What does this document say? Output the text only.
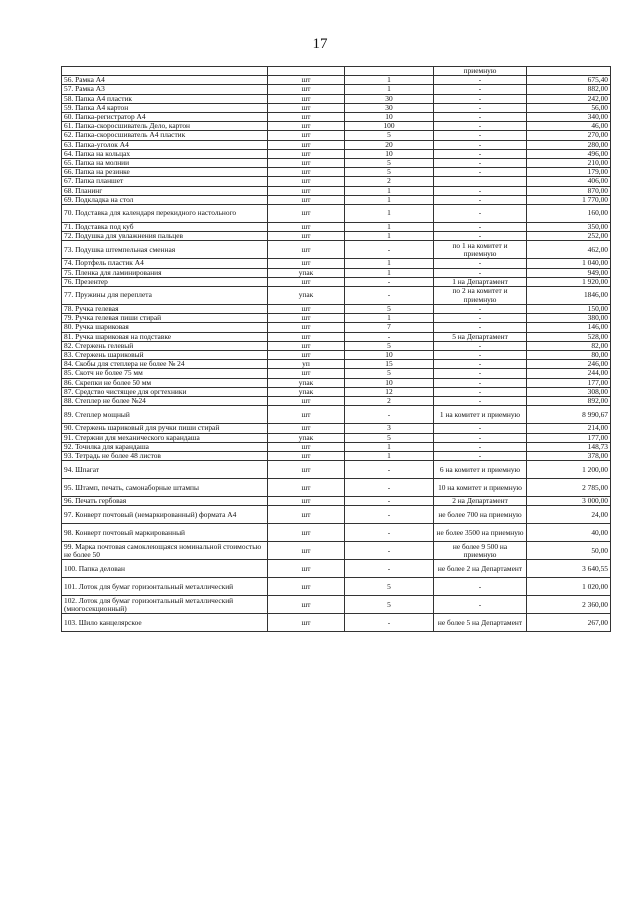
17
			приемную	
56. Рамка А4	шт	1	-	675,40
57. Рамка А3	шт	1	-	882,00
58. Папка А4 пластик	шт	30	-	242,00
59. Папка А4 картон	шт	30	-	56,00
60. Папка-регистратор А4	шт	10	-	340,00
61. Папка-скоросшиватель Дело, картон	шт	100	-	46,00
62. Папка-скоросшиватель А4 пластик	шт	5	-	270,00
63. Папка-уголок А4	шт	20	-	280,00
64. Папка на кольцах	шт	10	-	496,00
65. Папка на молнии	шт	5	-	210,00
66. Папка на резинке	шт	5	-	179,00
67. Папка планшет	шт	2		406,00
68. Планинг	шт	1	-	870,00
69. Подкладка на стол	шт	1	-	1 770,00
70. Подставка для календаря перекидного настольного	шт	1	-	160,00
71. Подставка под куб	шт	1	-	350,00
72. Подушка для увлажнения пальцев	шт	1	-	252,00
73. Подушка штемпельная сменная	шт	-	по 1 на комитет и приемную	462,00
74. Портфель пластик А4	шт	1	-	1 040,00
75. Пленка для ламинирования	упак	1	-	949,00
76. Презентер	шт	-	1 на Департамент	1 920,00
77. Пружины для переплета	упак	-	по 2 на комитет и приемную	1846,00
78. Ручка гелевая	шт	5	-	150,00
79. Ручка гелевая пиши стирай	шт	1	-	380,00
80. Ручка шариковая	шт	7	-	146,00
81. Ручка шариковая на подставке	шт	-	5 на Департамент	528,00
82. Стержень гелевый	шт	5	-	82,00
83. Стержень шариковый	шт	10	-	80,00
84. Скобы для степлера не более № 24	уп	15	-	246,00
85. Скотч не более 75 мм	шт	5	-	244,00
86. Скрепки не более 50 мм	упак	10	-	177,00
87. Средство чистящее для оргтехники	упак	12	-	308,00
88. Степлер не более №24	шт	2	-	892,00
89. Степлер мощный	шт	-	1 на комитет и приемную	8 990,67
90. Стержень шариковый для ручки пиши стирай	шт	3	-	214,00
91. Стержни для механического карандаша	упак	5	-	177,00
92. Точилка для карандаша	шт	1	-	148,73
93. Тетрадь не более 48 листов	шт	1	-	378,00
94. Шпагат	шт	-	6 на комитет и приемную	1 200,00
95. Штамп, печать, самонаборные штампы	шт	-	10 на комитет и приемную	2 785,00
96. Печать гербовая	шт	-	2 на Департамент	3 000,00
97. Конверт почтовый (немаркированный) формата А4	шт	-	не более 700 на приемную	24,00
98. Конверт почтовый маркированный	шт	-	не более 3500 на приемную	40,00
99. Марка почтовая самоклеющаяся номинальной стоимостью не более 50	шт	-	не более 9 500 на приемную	50,00
100. Папка делован	шт	-	не более 2 на Департамент	3 640,55
101. Лоток для бумаг горизонтальный металлический	шт	5	-	1 020,00
102. Лоток для бумаг горизонтальный металлический (многосекционный)	шт	5	-	2 360,00
103. Шило канцелярское	шт	-	не более 5 на Департамент	267,00
